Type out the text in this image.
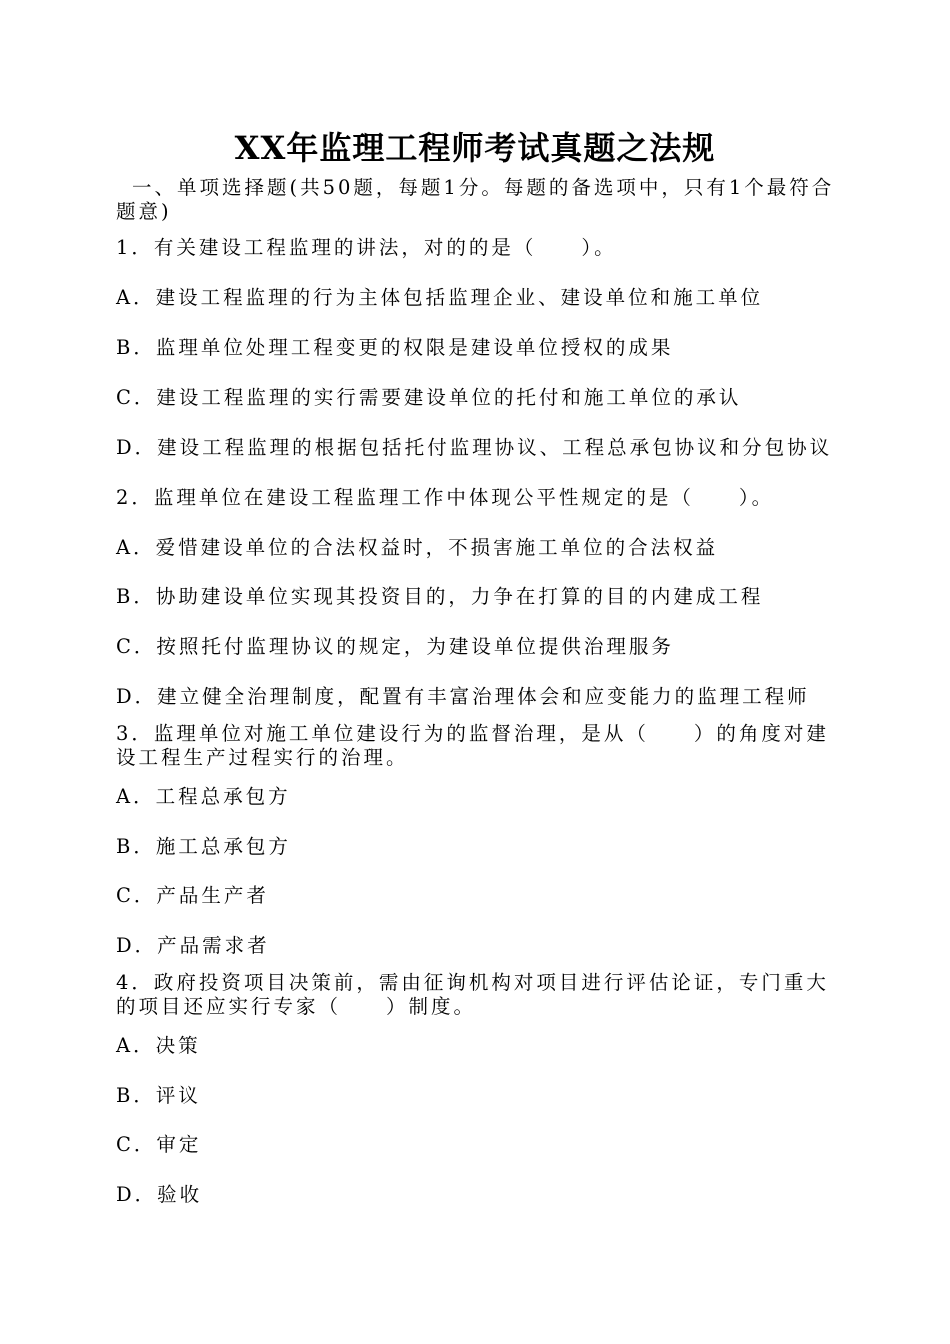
XX年监理工程师考试真题之法规
一、单项选择题(共50题，每题1分。每题的备选项中，只有1个最符合
题意)
1．有关建设工程监理的讲法，对的的是（　　）。
A．建设工程监理的行为主体包括监理企业、建设单位和施工单位
B．监理单位处理工程变更的权限是建设单位授权的成果
C．建设工程监理的实行需要建设单位的托付和施工单位的承认
D．建设工程监理的根据包括托付监理协议、工程总承包协议和分包协议
2．监理单位在建设工程监理工作中体现公平性规定的是（　　）。
A．爱惜建设单位的合法权益时，不损害施工单位的合法权益
B．协助建设单位实现其投资目的，力争在打算的目的内建成工程
C．按照托付监理协议的规定，为建设单位提供治理服务
D．建立健全治理制度，配置有丰富治理体会和应变能力的监理工程师
3．监理单位对施工单位建设行为的监督治理，是从（　　）的角度对建
设工程生产过程实行的治理。
A．工程总承包方
B．施工总承包方
C．产品生产者
D．产品需求者
4．政府投资项目决策前，需由征询机构对项目进行评估论证，专门重大
的项目还应实行专家（　　）制度。
A．决策
B．评议
C．审定
D．验收
